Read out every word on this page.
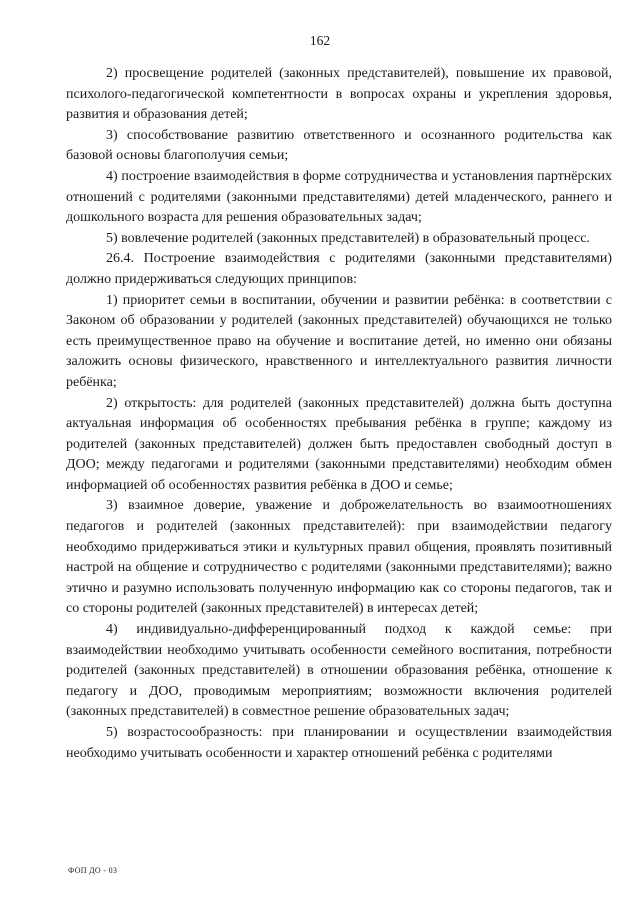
162

2) просвещение родителей (законных представителей), повышение их правовой, психолого-педагогической компетентности в вопросах охраны и укрепления здоровья, развития и образования детей;

3) способствование развитию ответственного и осознанного родительства как базовой основы благополучия семьи;

4) построение взаимодействия в форме сотрудничества и установления партнёрских отношений с родителями (законными представителями) детей младенческого, раннего и дошкольного возраста для решения образовательных задач;

5) вовлечение родителей (законных представителей) в образовательный процесс.

26.4. Построение взаимодействия с родителями (законными представителями) должно придерживаться следующих принципов:

1) приоритет семьи в воспитании, обучении и развитии ребёнка: в соответствии с Законом об образовании у родителей (законных представителей) обучающихся не только есть преимущественное право на обучение и воспитание детей, но именно они обязаны заложить основы физического, нравственного и интеллектуального развития личности ребёнка;

2) открытость: для родителей (законных представителей) должна быть доступна актуальная информация об особенностях пребывания ребёнка в группе; каждому из родителей (законных представителей) должен быть предоставлен свободный доступ в ДОО; между педагогами и родителями (законными представителями) необходим обмен информацией об особенностях развития ребёнка в ДОО и семье;

3) взаимное доверие, уважение и доброжелательность во взаимоотношениях педагогов и родителей (законных представителей): при взаимодействии педагогу необходимо придерживаться этики и культурных правил общения, проявлять позитивный настрой на общение и сотрудничество с родителями (законными представителями); важно этично и разумно использовать полученную информацию как со стороны педагогов, так и со стороны родителей (законных представителей) в интересах детей;

4) индивидуально-дифференцированный подход к каждой семье: при взаимодействии необходимо учитывать особенности семейного воспитания, потребности родителей (законных представителей) в отношении образования ребёнка, отношение к педагогу и ДОО, проводимым мероприятиям; возможности включения родителей (законных представителей) в совместное решение образовательных задач;

5) возрастосообразность: при планировании и осуществлении взаимодействия необходимо учитывать особенности и характер отношений ребёнка с родителями

ФОП ДО - 03
